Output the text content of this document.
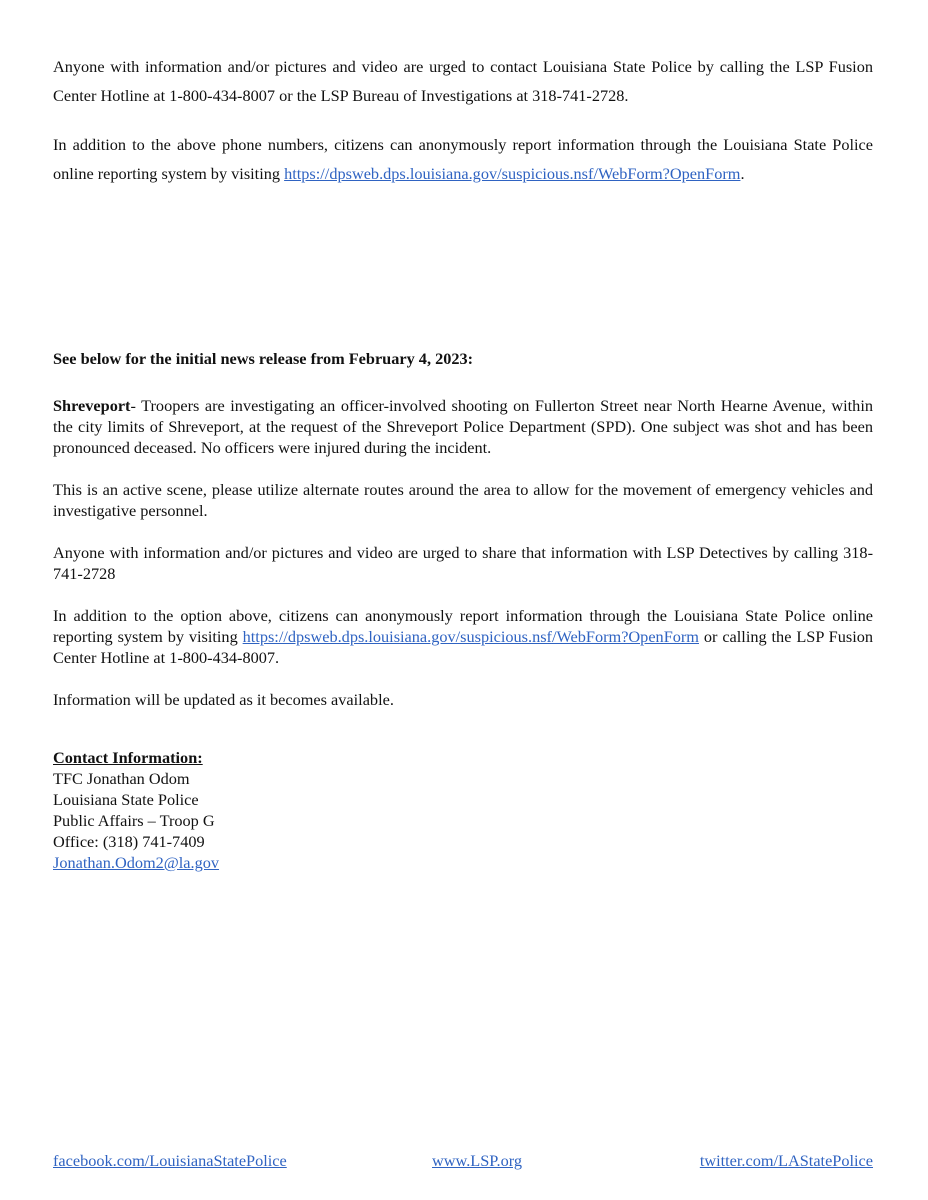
Anyone with information and/or pictures and video are urged to contact Louisiana State Police by calling the LSP Fusion Center Hotline at 1-800-434-8007 or the LSP Bureau of Investigations at 318-741-2728.

In addition to the above phone numbers, citizens can anonymously report information through the Louisiana State Police online reporting system by visiting https://dpsweb.dps.louisiana.gov/suspicious.nsf/WebForm?OpenForm.

See below for the initial news release from February 4, 2023:

Shreveport- Troopers are investigating an officer-involved shooting on Fullerton Street near North Hearne Avenue, within the city limits of Shreveport, at the request of the Shreveport Police Department (SPD). One subject was shot and has been pronounced deceased. No officers were injured during the incident.

This is an active scene, please utilize alternate routes around the area to allow for the movement of emergency vehicles and investigative personnel.

Anyone with information and/or pictures and video are urged to share that information with LSP Detectives by calling 318-741-2728

In addition to the option above, citizens can anonymously report information through the Louisiana State Police online reporting system by visiting https://dpsweb.dps.louisiana.gov/suspicious.nsf/WebForm?OpenForm or calling the LSP Fusion Center Hotline at 1-800-434-8007.

Information will be updated as it becomes available.

Contact Information:
TFC Jonathan Odom
Louisiana State Police
Public Affairs – Troop G
Office: (318) 741-7409
Jonathan.Odom2@la.gov
facebook.com/LouisianaStatePolice	www.LSP.org	twitter.com/LAStatePolice
